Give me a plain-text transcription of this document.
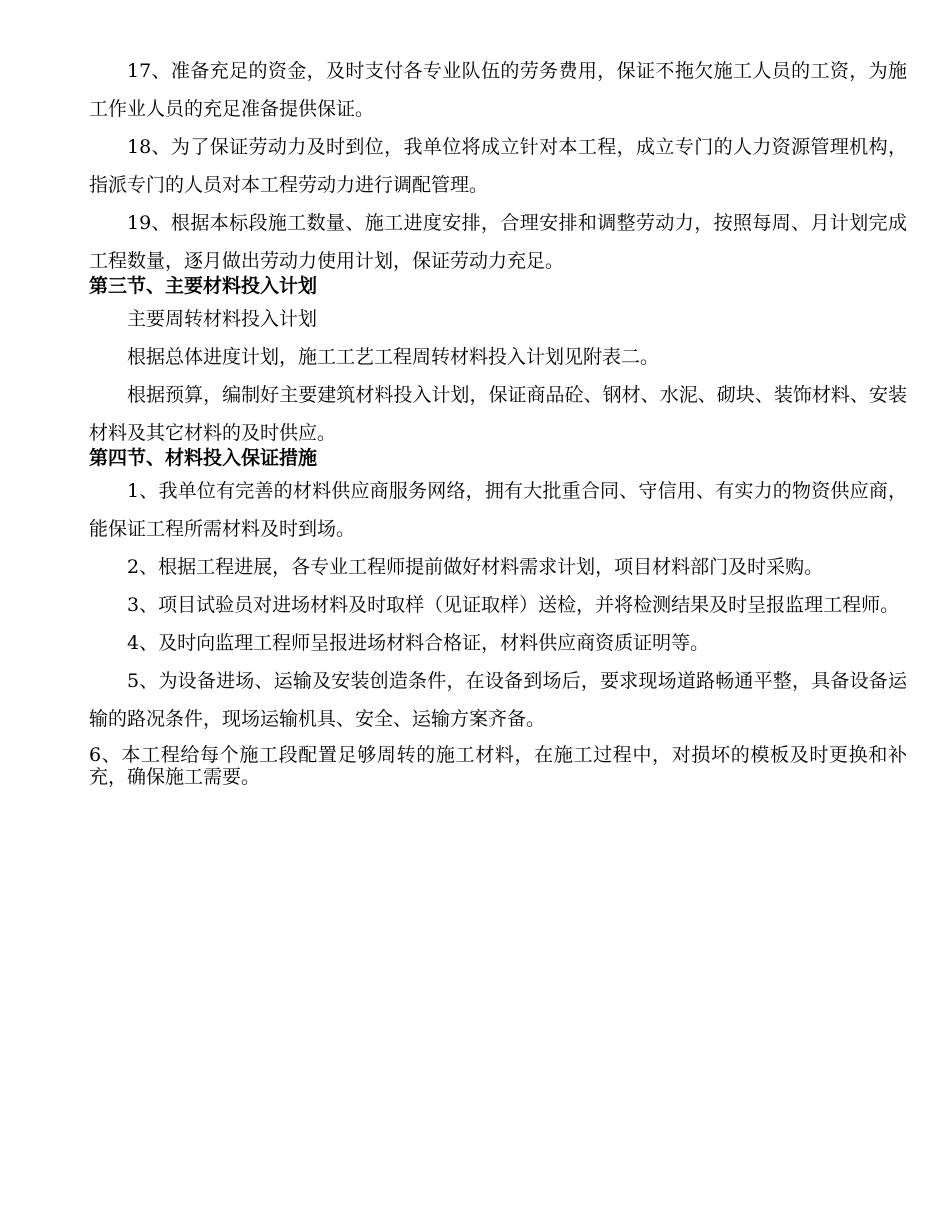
17、准备充足的资金，及时支付各专业队伍的劳务费用，保证不拖欠施工人员的工资，为施工作业人员的充足准备提供保证。

18、为了保证劳动力及时到位，我单位将成立针对本工程，成立专门的人力资源管理机构，指派专门的人员对本工程劳动力进行调配管理。

19、根据本标段施工数量、施工进度安排，合理安排和调整劳动力，按照每周、月计划完成工程数量，逐月做出劳动力使用计划，保证劳动力充足。

第三节、主要材料投入计划

主要周转材料投入计划

根据总体进度计划，施工工艺工程周转材料投入计划见附表二。

根据预算，编制好主要建筑材料投入计划，保证商品砼、钢材、水泥、砌块、装饰材料、安装材料及其它材料的及时供应。

第四节、材料投入保证措施

1、我单位有完善的材料供应商服务网络，拥有大批重合同、守信用、有实力的物资供应商，能保证工程所需材料及时到场。

2、根据工程进展，各专业工程师提前做好材料需求计划，项目材料部门及时采购。

3、项目试验员对进场材料及时取样（见证取样）送检，并将检测结果及时呈报监理工程师。

4、及时向监理工程师呈报进场材料合格证，材料供应商资质证明等。

5、为设备进场、运输及安装创造条件，在设备到场后，要求现场道路畅通平整，具备设备运输的路况条件，现场运输机具、安全、运输方案齐备。

6、本工程给每个施工段配置足够周转的施工材料，在施工过程中，对损坏的模板及时更换和补充，确保施工需要。
